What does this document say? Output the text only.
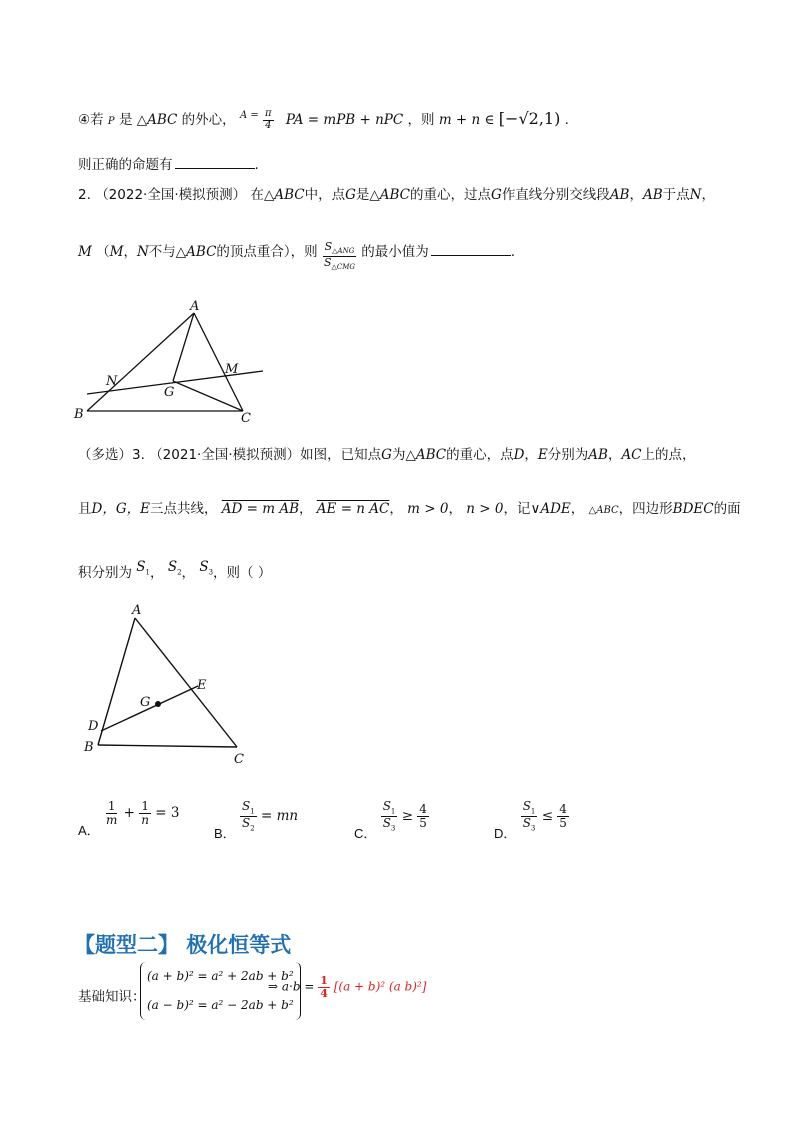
④若 P 是 △ABC 的外心， $^{A =} \frac{\pi}{4}$ PA = mPB + nPC ，则 m + n ∈ [−√2,1) .
则正确的命题有	.
2. （2022·全国·模拟预测） 在△ABC中，点G是△ABC的重心，过点G作直线分别交线段AB，AB于点N，
M （M，N不与△ABC的顶点重合），则 $\frac{S_{\triangle ANG}}{S_{\triangle CMG}}$ 的最小值为	.
A
B	C
N
M
G
（多选）3. （2021·全国·模拟预测）如图，已知点G为△ABC的重心，点D，E分别为AB，AC上的点，
且D，G，E三点共线， AD = m AB， AE = n AC， m > 0， n > 0，记∨ADE， △ABC，四边形BDEC的面
积分别为 $S_1$， $S_2$， $S_3$，则（ ）
A
B
C
D
E
G
A．
$\frac{1}{m} + \frac{1}{n} = 3$
B．
$\frac{S_1}{S_2}$ = mn
C．
$\frac{S_1}{S_3} \ge \frac{4}{5}$
D．
$\frac{S_1}{S_3} \le \frac{4}{5}$
【题型二】 极化恒等式
基础知识：
(a + b)² = a² + 2ab + b²
(a − b)² = a² − 2ab + b²
⇒ $a\cdot b = \frac{1}{4} [(a + b)^2$ (a b)²]
